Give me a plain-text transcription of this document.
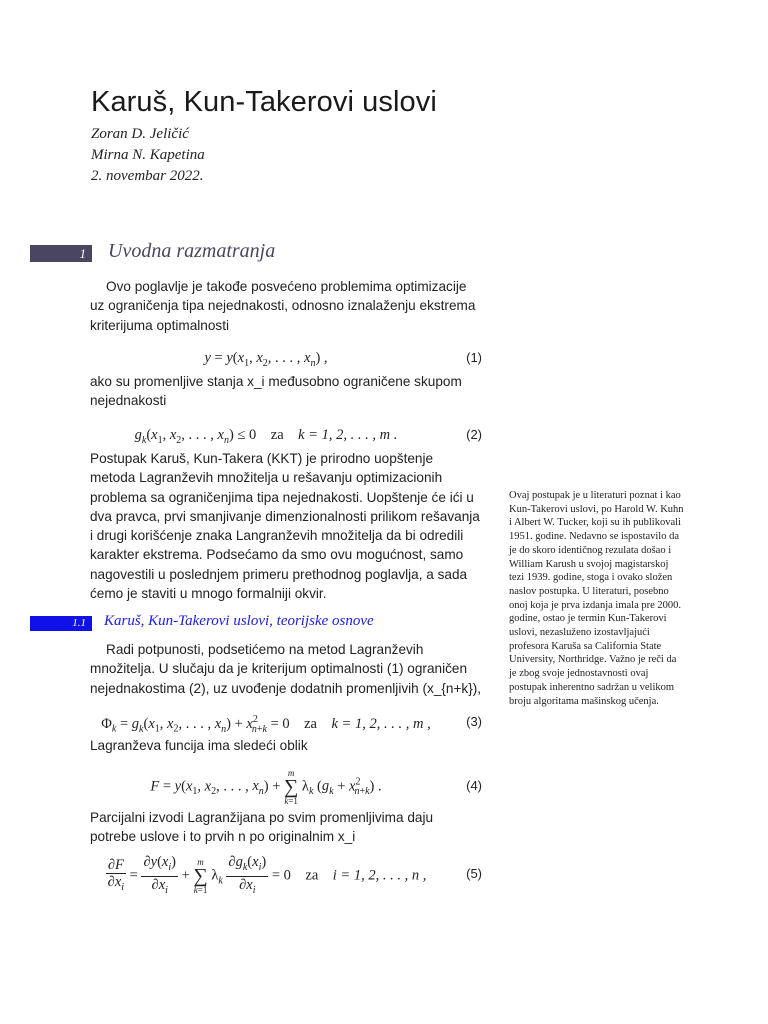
Karuš, Kun-Takerovi uslovi
Zoran D. Jeličić
Mirna N. Kapetina
2. novembar 2022.
1	Uvodna razmatranja

Ovo poglavlje je takođe posvećeno problemima optimizacije uz ograničenja tipa nejednakosti, odnosno iznalaženju ekstrema kriterijuma optimalnosti

$y = y(x_1$, $x_2$, . . . , $x_n$) ,	(1)

ako su promenljive stanja x_i međusobno ograničene skupom nejednakosti

$g_k(x_1$, $x_2$, . . . , $x_n) \le 0$    za k = 1, 2, . . . , m .	(2)

Postupak Karuš, Kun-Takera (KKT) je prirodno uopštenje metoda Lagranževih množitelja u rešavanju optimizacionih problema sa ograničenjima tipa nejednakosti. Uopštenje će ići u dva pravca, prvi smanjivanje dimenzionalnosti prilikom rešavanja i drugi korišćenje znaka Langranževih množitelja da bi odredili karakter ekstrema. Podsećamo da smo ovu mogućnost, samo nagovestili u poslednjem primeru prethodnog poglavlja, a sada ćemo je staviti u mnogo formalniji okvir.

1.1	Karuš, Kun-Takerovi uslovi, teorijske osnove

Radi potpunosti, podsetićemo na metod Lagranževih množitelja. U slučaju da je kriterijum optimalnosti (1) ograničen nejednakostima (2), uz uvođenje dodatnih promenljivih (x_{n+k}),

$\Phi_k = g_k(x_1$, $x_2$, . . . , $x_n) + x^2_{n+k} = 0$    za k = 1, 2, . . . , m ,	(3)

Lagranževa funcija ima sledeći oblik

$F = y(x_1$, $x_2$, . . . , $x_n) + m$
∑
k=1 $\lambda_k$ $(g_k + x^2_{n+k})$ .	(4)

Parcijalni izvodi Lagranžijana po svim promenljivima daju potrebe uslove i to prvih n po originalnim x_i

$\frac{\partial F}{\partial x_i} = \frac{\partial y(x_i)}{\partial x_i} + m$
∑
k=1 $\lambda_k \frac{\partial g_k(x_i)}{\partial x_i} = 0$    za i = 1, 2, . . . , n ,	(5)

Ovaj postupak je u literaturi poznat i kao Kun-Takerovi uslovi, po Harold W. Kuhn i Albert W. Tucker, koji su ih publikovali 1951. godine. Nedavno se ispostavilo da je do skoro identičnog rezulata došao i William Karush u svojoj magistarskoj tezi 1939. godine, stoga i ovako složen naslov postupka. U literaturi, posebno onoj koja je prva izdanja imala pre 2000. godine, ostao je termin Kun-Takerovi uslovi, nezasluženo izostavljajući profesora Karuša sa California State University, Northridge. Važno je reči da je zbog svoje jednostavnosti ovaj postupak inherentno sadržan u velikom broju algoritama mašinskog učenja.
